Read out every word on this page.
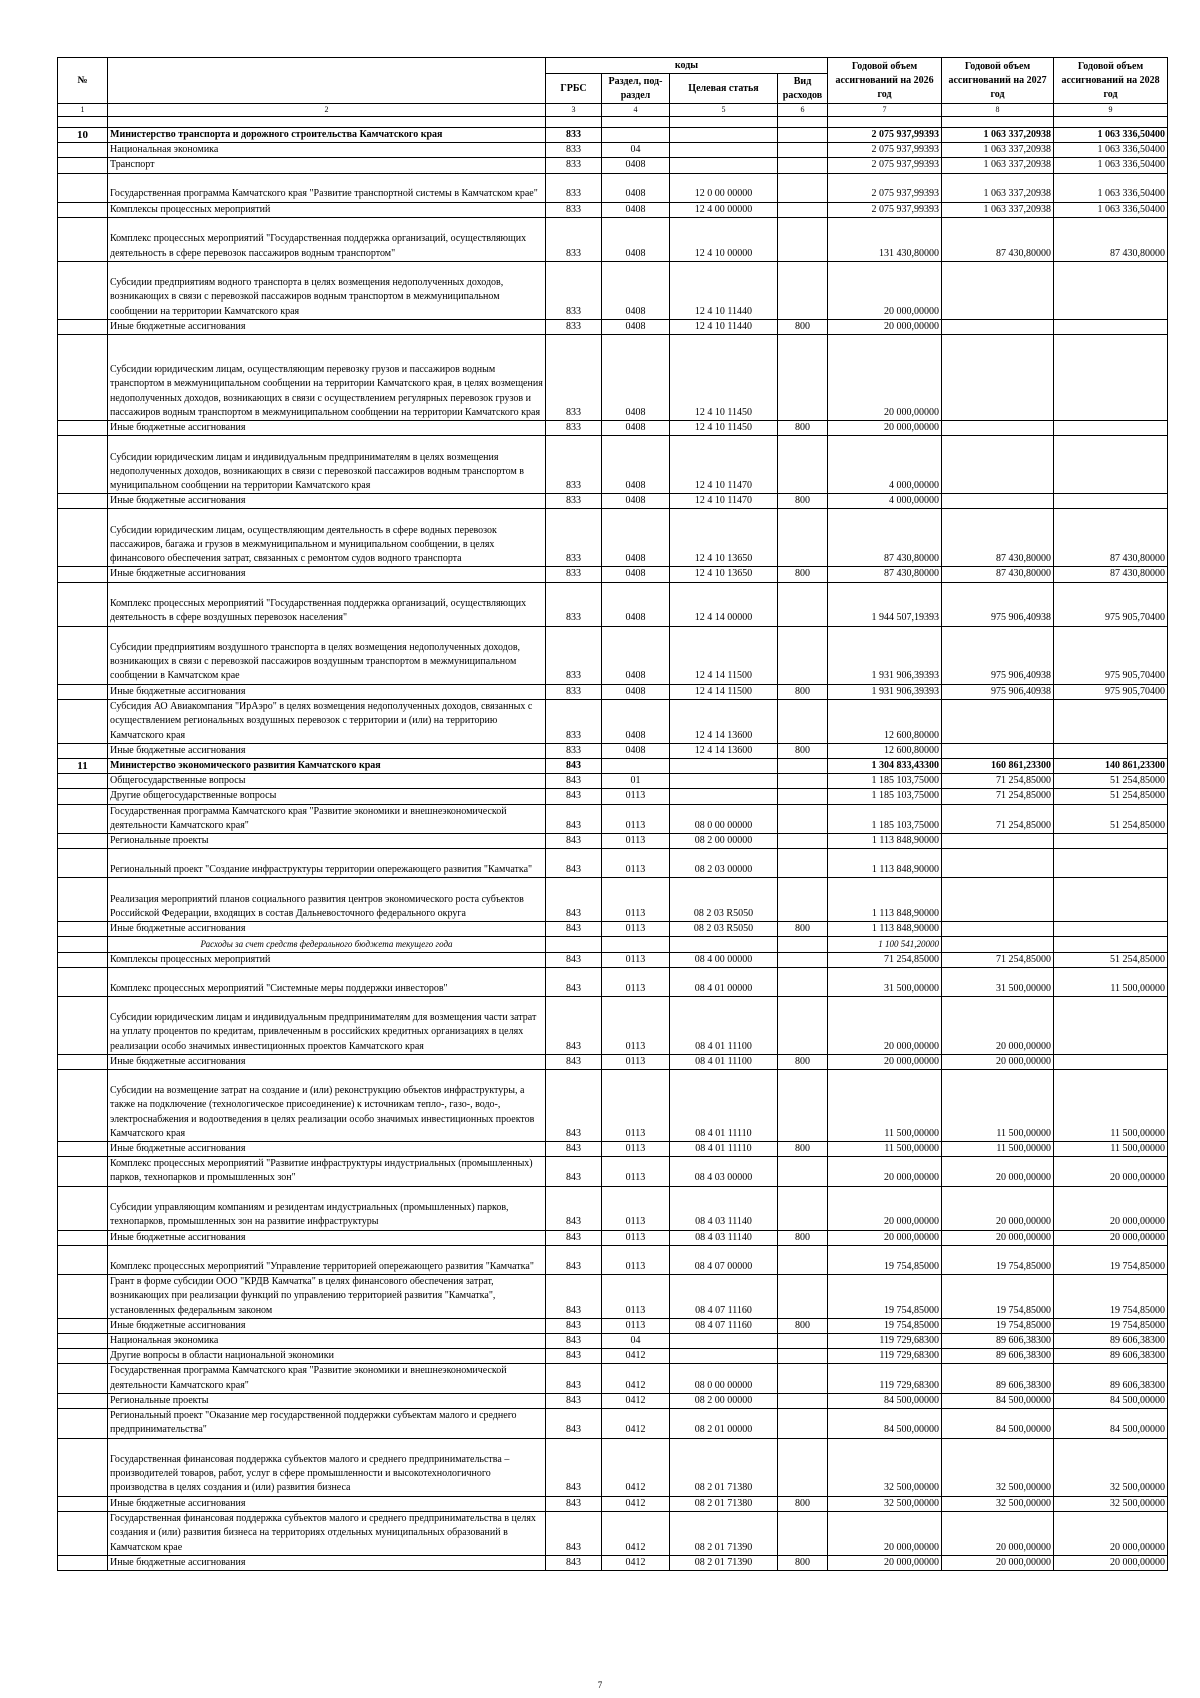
№		коды				Годовой объем ассигнований на 2026 год	Годовой объем ассигнований на 2027 год	Годовой объем ассигнований на 2028 год
		ГРБС	Раздел, под-раздел	Целевая статья	Вид расходов			
1	2	3	4	5	6	7	8	9

10	Министерство транспорта и дорожного строительства Камчатского края	833				2 075 937,99393	1 063 337,20938	1 063 336,50400
	Национальная экономика	833	04			2 075 937,99393	1 063 337,20938	1 063 336,50400
	Транспорт	833	0408			2 075 937,99393	1 063 337,20938	1 063 336,50400
	Государственная программа Камчатского края "Развитие транспортной системы в Камчатском крае"	833	0408	12 0 00 00000		2 075 937,99393	1 063 337,20938	1 063 336,50400
	Комплексы процессных мероприятий	833	0408	12 4 00 00000		2 075 937,99393	1 063 337,20938	1 063 336,50400
	Комплекс процессных мероприятий "Государственная поддержка организаций, осуществляющих деятельность в сфере перевозок пассажиров водным транспортом"	833	0408	12 4 10 00000		131 430,80000	87 430,80000	87 430,80000
	Субсидии предприятиям водного транспорта в целях возмещения недополученных доходов, возникающих в связи с перевозкой пассажиров водным транспортом в межмуниципальном сообщении на территории Камчатского края	833	0408	12 4 10 11440		20 000,00000		
	Иные бюджетные ассигнования	833	0408	12 4 10 11440	800	20 000,00000		
	Субсидии юридическим лицам, осуществляющим перевозку грузов и пассажиров водным транспортом в межмуниципальном сообщении на территории Камчатского края, в целях возмещения недополученных доходов, возникающих в связи с осуществлением регулярных перевозок грузов и пассажиров водным транспортом в межмуниципальном сообщении на территории Камчатского края	833	0408	12 4 10 11450		20 000,00000		
	Иные бюджетные ассигнования	833	0408	12 4 10 11450	800	20 000,00000		
	Субсидии юридическим лицам и индивидуальным предпринимателям в целях возмещения недополученных доходов, возникающих в связи с перевозкой пассажиров водным транспортом в муниципальном сообщении на территории Камчатского края	833	0408	12 4 10 11470		4 000,00000		
	Иные бюджетные ассигнования	833	0408	12 4 10 11470	800	4 000,00000		
	Субсидии юридическим лицам, осуществляющим деятельность в сфере водных перевозок пассажиров, багажа и грузов в межмуниципальном и муниципальном сообщении, в целях финансового обеспечения затрат, связанных с ремонтом судов водного транспорта	833	0408	12 4 10 13650		87 430,80000	87 430,80000	87 430,80000
	Иные бюджетные ассигнования	833	0408	12 4 10 13650	800	87 430,80000	87 430,80000	87 430,80000
	Комплекс процессных мероприятий "Государственная поддержка организаций, осуществляющих деятельность в сфере воздушных перевозок населения"	833	0408	12 4 14 00000		1 944 507,19393	975 906,40938	975 905,70400
	Субсидии предприятиям воздушного транспорта в целях возмещения недополученных доходов, возникающих в связи с перевозкой пассажиров воздушным транспортом в межмуниципальном сообщении в Камчатском крае	833	0408	12 4 14 11500		1 931 906,39393	975 906,40938	975 905,70400
	Иные бюджетные ассигнования	833	0408	12 4 14 11500	800	1 931 906,39393	975 906,40938	975 905,70400
	Субсидия АО Авиакомпания "ИрАэро" в целях возмещения недополученных доходов, связанных с осуществлением региональных воздушных перевозок с территории и (или) на территорию Камчатского края	833	0408	12 4 14 13600		12 600,80000		
	Иные бюджетные ассигнования	833	0408	12 4 14 13600	800	12 600,80000		
11	Министерство экономического развития Камчатского края	843				1 304 833,43300	160 861,23300	140 861,23300
	Общегосударственные вопросы	843	01			1 185 103,75000	71 254,85000	51 254,85000
	Другие общегосударственные вопросы	843	0113			1 185 103,75000	71 254,85000	51 254,85000
	Государственная программа Камчатского края "Развитие экономики и внешнеэкономической деятельности Камчатского края"	843	0113	08 0 00 00000		1 185 103,75000	71 254,85000	51 254,85000
	Региональные проекты	843	0113	08 2 00 00000		1 113 848,90000		
	Региональный проект "Создание инфраструктуры территории опережающего развития "Камчатка"	843	0113	08 2 03 00000		1 113 848,90000		
	Реализация мероприятий планов социального развития центров экономического роста субъектов Российской Федерации, входящих в состав Дальневосточного федерального округа	843	0113	08 2 03 R5050		1 113 848,90000		
	Иные бюджетные ассигнования	843	0113	08 2 03 R5050	800	1 113 848,90000		
	Расходы за счет средств федерального бюджета текущего года					1 100 541,20000		
	Комплексы процессных мероприятий	843	0113	08 4 00 00000		71 254,85000	71 254,85000	51 254,85000
	Комплекс процессных мероприятий "Системные меры поддержки инвесторов"	843	0113	08 4 01 00000		31 500,00000	31 500,00000	11 500,00000
	Субсидии юридическим лицам и индивидуальным предпринимателям для возмещения части затрат на уплату процентов по кредитам, привлеченным в российских кредитных организациях в целях реализации особо значимых инвестиционных проектов Камчатского края	843	0113	08 4 01 11100		20 000,00000	20 000,00000	
	Иные бюджетные ассигнования	843	0113	08 4 01 11100	800	20 000,00000	20 000,00000	
	Субсидии на возмещение затрат на создание и (или) реконструкцию объектов инфраструктуры, а также на подключение (технологическое присоединение) к источникам тепло-, газо-, водо-, электроснабжения и водоотведения в целях реализации особо значимых инвестиционных проектов Камчатского края	843	0113	08 4 01 11110		11 500,00000	11 500,00000	11 500,00000
	Иные бюджетные ассигнования	843	0113	08 4 01 11110	800	11 500,00000	11 500,00000	11 500,00000
	Комплекс процессных мероприятий "Развитие инфраструктуры индустриальных (промышленных) парков, технопарков и промышленных зон"	843	0113	08 4 03 00000		20 000,00000	20 000,00000	20 000,00000
	Субсидии управляющим компаниям и резидентам индустриальных (промышленных) парков, технопарков, промышленных зон на развитие инфраструктуры	843	0113	08 4 03 11140		20 000,00000	20 000,00000	20 000,00000
	Иные бюджетные ассигнования	843	0113	08 4 03 11140	800	20 000,00000	20 000,00000	20 000,00000
	Комплекс процессных мероприятий "Управление территорией опережающего развития "Камчатка"	843	0113	08 4 07 00000		19 754,85000	19 754,85000	19 754,85000
	Грант в форме субсидии ООО "КРДВ Камчатка" в целях финансового обеспечения затрат, возникающих при реализации функций по управлению территорией развития "Камчатка", установленных федеральным законом	843	0113	08 4 07 11160		19 754,85000	19 754,85000	19 754,85000
	Иные бюджетные ассигнования	843	0113	08 4 07 11160	800	19 754,85000	19 754,85000	19 754,85000
	Национальная экономика	843	04			119 729,68300	89 606,38300	89 606,38300
	Другие вопросы в области национальной экономики	843	0412			119 729,68300	89 606,38300	89 606,38300
	Государственная программа Камчатского края "Развитие экономики и внешнеэкономической деятельности Камчатского края"	843	0412	08 0 00 00000		119 729,68300	89 606,38300	89 606,38300
	Региональные проекты	843	0412	08 2 00 00000		84 500,00000	84 500,00000	84 500,00000
	Региональный проект "Оказание мер государственной поддержки субъектам малого и среднего предпринимательства"	843	0412	08 2 01 00000		84 500,00000	84 500,00000	84 500,00000
	Государственная финансовая поддержка субъектов малого и среднего предпринимательства – производителей товаров, работ, услуг в сфере промышленности и высокотехнологичного производства в целях создания и (или) развития бизнеса	843	0412	08 2 01 71380		32 500,00000	32 500,00000	32 500,00000
	Иные бюджетные ассигнования	843	0412	08 2 01 71380	800	32 500,00000	32 500,00000	32 500,00000
	Государственная финансовая поддержка субъектов малого и среднего предпринимательства в целях создания и (или) развития бизнеса на территориях отдельных муниципальных образований в Камчатском крае	843	0412	08 2 01 71390		20 000,00000	20 000,00000	20 000,00000
	Иные бюджетные ассигнования	843	0412	08 2 01 71390	800	20 000,00000	20 000,00000	20 000,00000
7
